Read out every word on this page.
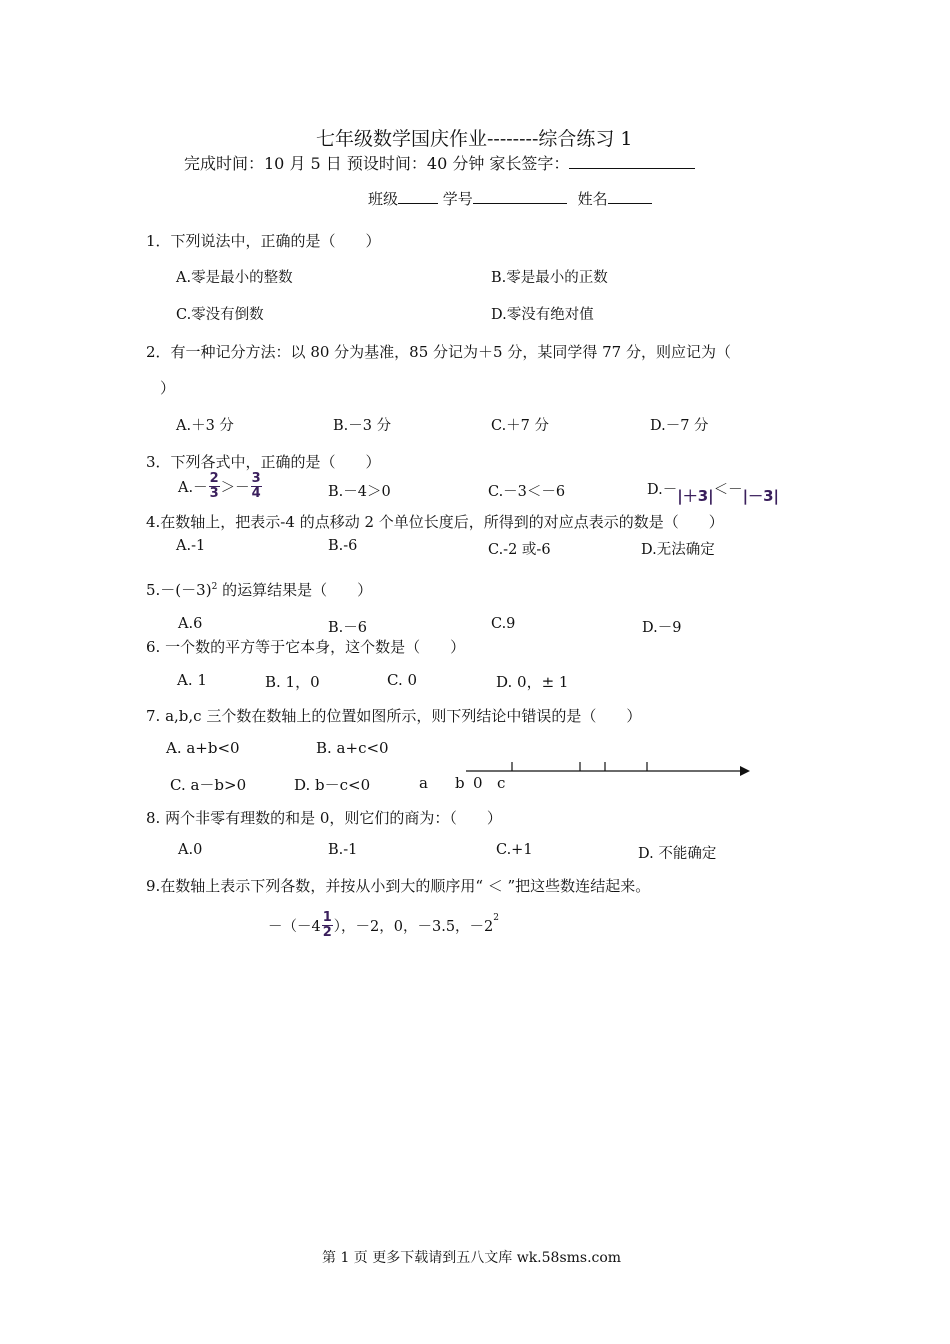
七年级数学国庆作业--------综合练习 1
完成时间：10 月 5 日 预设时间：40 分钟 家长签字：
班级	学号	姓名
1．下列说法中，正确的是（　　）
A.零是最小的整数	B.零是最小的正数
C.零没有倒数	D.零没有绝对值
2．有一种记分方法：以 80 分为基准，85 分记为＋5 分，某同学得 77 分，则应记为（
）
A.＋3 分	B.－3 分	C.＋7 分	D.－7 分
3．下列各式中，正确的是（　　）
$A.- \frac{2}{3} >- \frac{3}{4}$	B.－4＞0	C.－3＜－6	D.－|＋3|＜－|－3|
4.在数轴上，把表示-4 的点移动 2 个单位长度后，所得到的对应点表示的数是（　　）
A.-1	B.-6	C.-2 或-6	D.无法确定
$5.-(-3)^2$ 的运算结果是（　　）
A.6	B.－6	C.9	D.－9
6. 一个数的平方等于它本身，这个数是（　　）
A. 1	B. 1，0	C. 0	D. 0，± 1
7. a,b,c 三个数在数轴上的位置如图所示，则下列结论中错误的是（　　）
A. a+b<0	B. a+c<0
C. a－b>0	D. b－c<0	a b 0 c
8. 两个非零有理数的和是 0，则它们的商为：（　　）
A.0	B.-1	C.+1	D. 不能确定
9.在数轴上表示下列各数，并按从小到大的顺序用“ ＜ ”把这些数连结起来。
$-(-4 \frac{1}{2}$ ），－2，0，－3.5，－2
2
第 1 页 更多下载请到五八文库 wk.58sms.com
